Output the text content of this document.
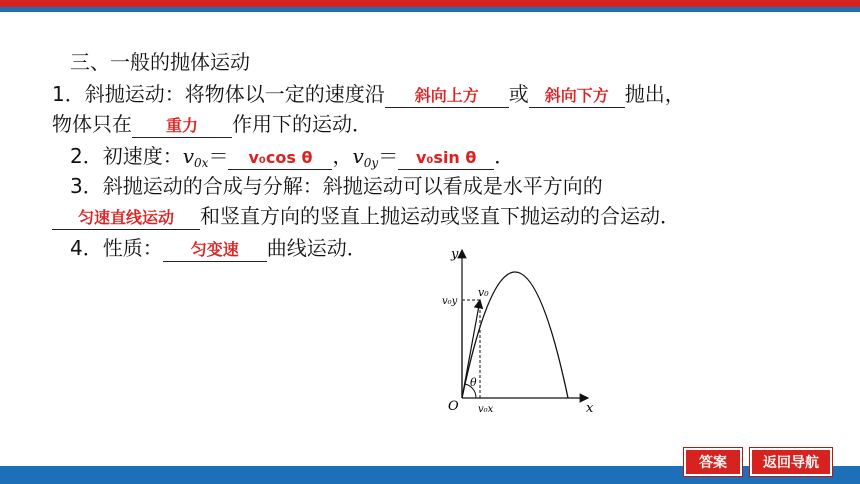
三、一般的抛体运动
1．斜抛运动：将物体以一定的速度沿 斜向上方 或 斜向下方 抛出，
物体只在 重力 作用下的运动．
2．初速度：$v_{0x}= v_0\cos$ θ ，$v_{0y}= v_0\sin$ θ ．
3．斜抛运动的合成与分解：斜抛运动可以看成是水平方向的
匀速直线运动 和竖直方向的竖直上抛运动或竖直下抛运动的合运动．
4．性质： 匀变速 曲线运动．	y
x
O
v₀
v₀y
v₀x
θ
答案	返回导航
